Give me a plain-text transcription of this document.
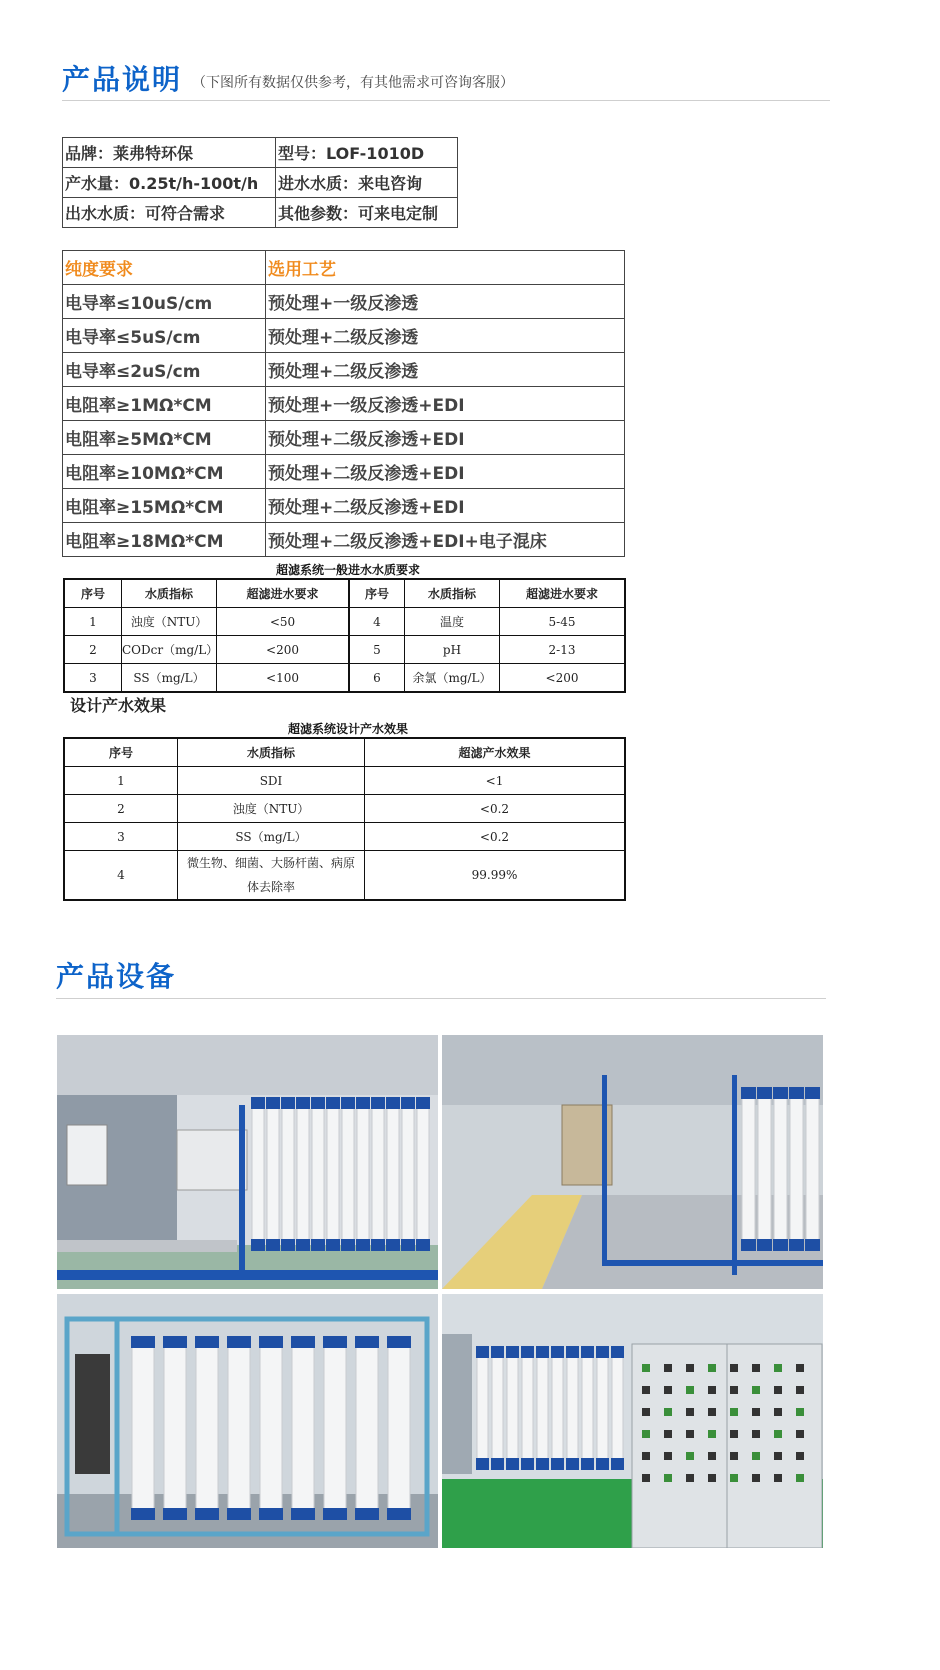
产品说明 （下图所有数据仅供参考，有其他需求可咨询客服）
品牌：莱弗特环保	型号：LOF-1010D
产水量：0.25t/h-100t/h	进水水质：来电咨询
出水水质：可符合需求	其他参数：可来电定制
纯度要求	选用工艺
电导率≤10uS/cm	预处理+一级反渗透
电导率≤5uS/cm	预处理+二级反渗透
电导率≤2uS/cm	预处理+二级反渗透
电阻率≥1MΩ*CM	预处理+一级反渗透+EDI
电阻率≥5MΩ*CM	预处理+二级反渗透+EDI
电阻率≥10MΩ*CM	预处理+二级反渗透+EDI
电阻率≥15MΩ*CM	预处理+二级反渗透+EDI
电阻率≥18MΩ*CM	预处理+二级反渗透+EDI+电子混床
超滤系统一般进水水质要求
序号	水质指标	超滤进水要求	序号	水质指标	超滤进水要求
1	浊度（NTU）	<50	4	温度	5-45
2	CODcr（mg/L）	<200	5	pH	2-13
3	SS（mg/L）	<100	6	余氯（mg/L）	<200
设计产水效果
超滤系统设计产水效果
序号	水质指标	超滤产水效果
1	SDI	<1
2	浊度（NTU）	<0.2
3	SS（mg/L）	<0.2
4	微生物、细菌、大肠杆菌、病原体去除率	99.99%
产品设备
